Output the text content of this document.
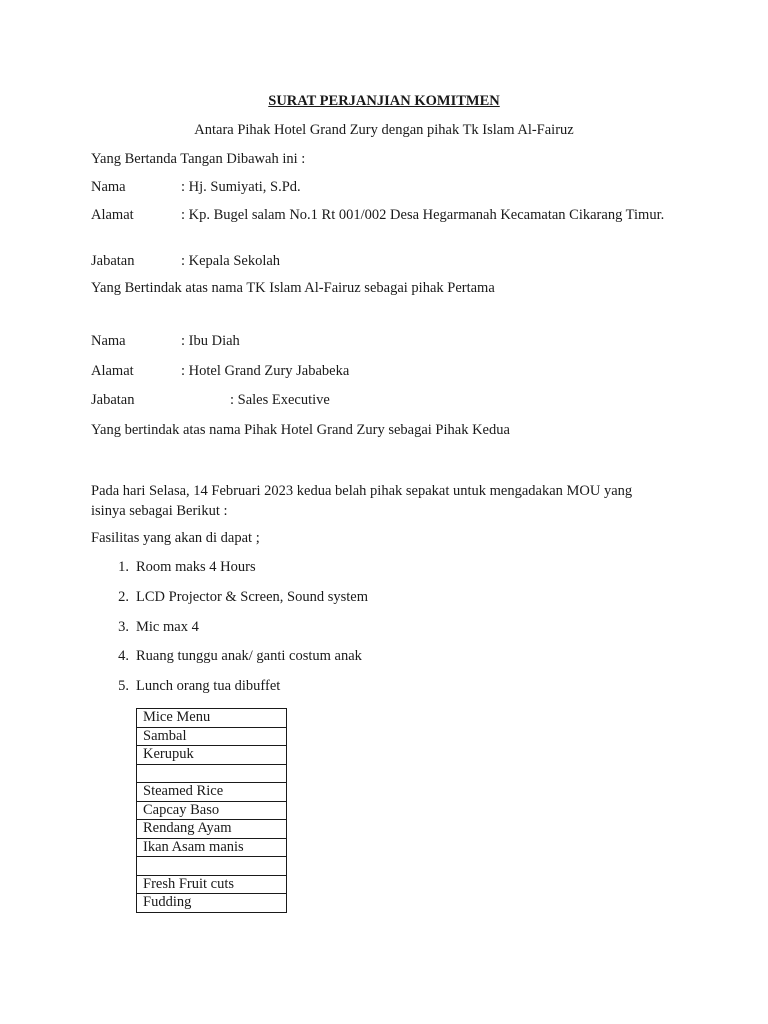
SURAT PERJANJIAN KOMITMEN
Antara Pihak Hotel Grand Zury dengan pihak Tk Islam Al-Fairuz
Yang Bertanda Tangan Dibawah ini :
Nama	: Hj. Sumiyati, S.Pd.
Alamat	: Kp. Bugel salam No.1 Rt 001/002 Desa Hegarmanah Kecamatan Cikarang Timur.
Jabatan	: Kepala Sekolah
Yang Bertindak atas nama TK Islam Al-Fairuz sebagai pihak Pertama
Nama	: Ibu Diah
Alamat	: Hotel Grand Zury Jababeka
Jabatan	: Sales Executive
Yang bertindak atas nama Pihak Hotel Grand Zury sebagai Pihak Kedua
Pada hari Selasa, 14 Februari 2023 kedua belah pihak sepakat untuk mengadakan MOU yang isinya sebagai Berikut :
Fasilitas yang akan di dapat ;
1. Room maks 4 Hours
2. LCD Projector & Screen, Sound system
3. Mic max 4
4. Ruang tunggu anak/ ganti costum anak
5. Lunch orang tua dibuffet
Mice Menu
Sambal
Kerupuk

Steamed Rice
Capcay Baso
Rendang Ayam
Ikan Asam manis

Fresh Fruit cuts
Fudding
